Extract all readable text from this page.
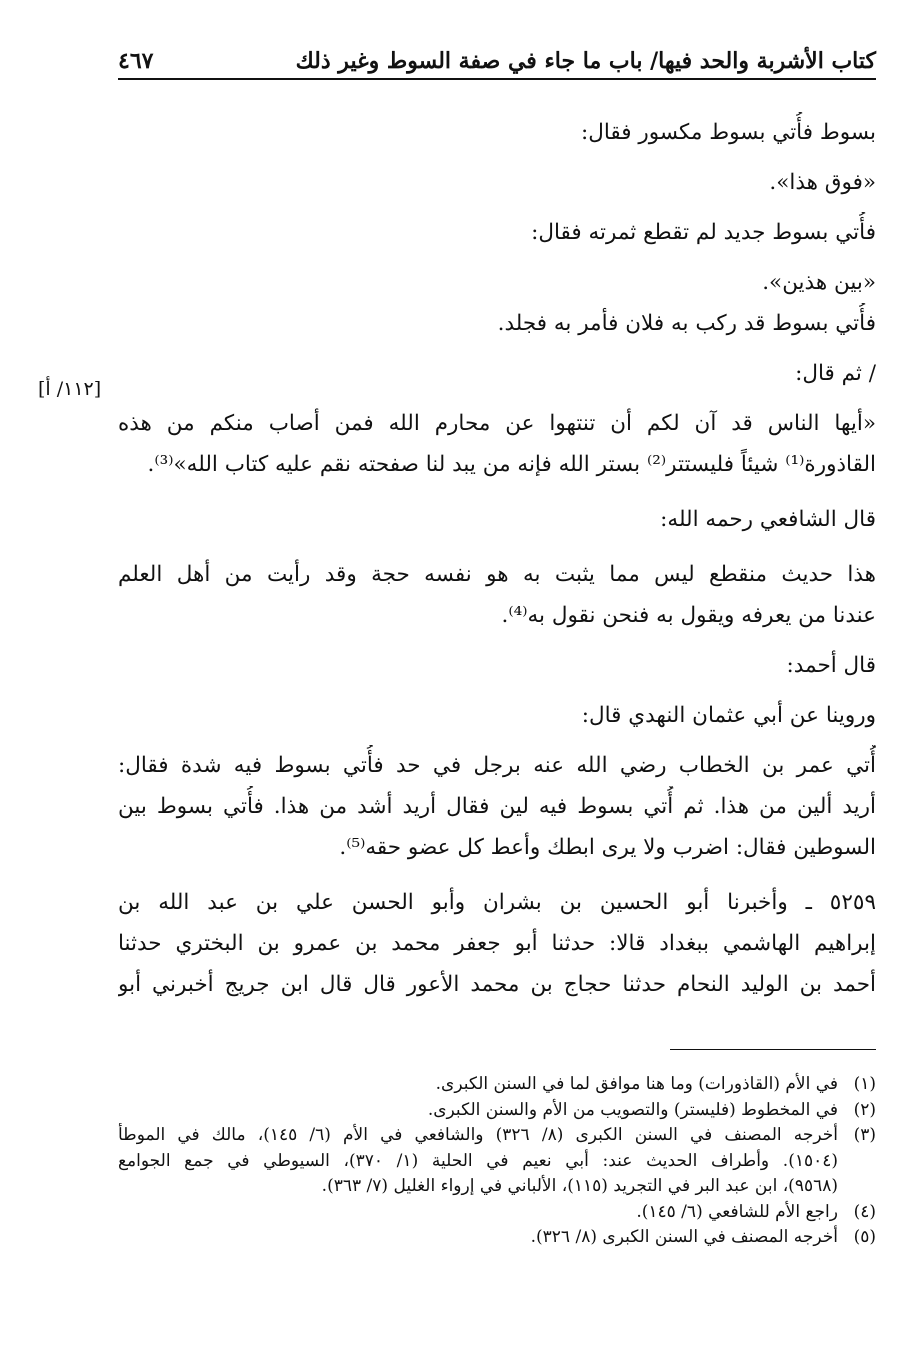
كتاب الأشربة والحد فيها/ باب ما جاء في صفة السوط وغير ذلك
٤٦٧
[١١٢/ أ]
بسوط فأُتي بسوط مكسور فقال:
«فوق هذا».
فأُتي بسوط جديد لم تقطع ثمرته فقال:
«بين هذين».
فأُتي بسوط قد ركب به فلان فأمر به فجلد.
/ ثم قال:
«أيها الناس قد آن لكم أن تنتهوا عن محارم الله فمن أصاب منكم من هذه
القاذورة⁽¹⁾ شيئاً فليستتر⁽²⁾ بستر الله فإنه من يبد لنا صفحته نقم عليه كتاب الله»⁽³⁾.
قال الشافعي رحمه الله:
هذا حديث منقطع ليس مما يثبت به هو نفسه حجة وقد رأيت من أهل العلم
عندنا من يعرفه ويقول به فنحن نقول به⁽⁴⁾.
قال أحمد:
وروينا عن أبي عثمان النهدي قال:
أُتي عمر بن الخطاب رضي الله عنه برجل في حد فأُتي بسوط فيه شدة فقال:
أريد ألين من هذا. ثم أُتي بسوط فيه لين فقال أريد أشد من هذا. فأُتي بسوط بين
السوطين فقال: اضرب ولا يرى ابطك وأعط كل عضو حقه⁽⁵⁾.
٥٢٥٩ ـ وأخبرنا أبو الحسين بن بشران وأبو الحسن علي بن عبد الله بن
إبراهيم الهاشمي ببغداد قالا: حدثنا أبو جعفر محمد بن عمرو بن البختري حدثنا
أحمد بن الوليد النحام حدثنا حجاج بن محمد الأعور قال قال ابن جريج أخبرني أبو
(١)
في الأم (القاذورات) وما هنا موافق لما في السنن الكبرى.
(٢)
في المخطوط (فليستر) والتصويب من الأم والسنن الكبرى.
(٣)
أخرجه المصنف في السنن الكبرى (٨/ ٣٢٦) والشافعي في الأم (٦/ ١٤٥)، مالك في الموطأ
(١٥٠٤). وأطراف الحديث عند: أبي نعيم في الحلية (١/ ٣٧٠)، السيوطي في جمع الجوامع
(٩٥٦٨)، ابن عبد البر في التجريد (١١٥)، الألباني في إرواء الغليل (٧/ ٣٦٣).
(٤)
راجع الأم للشافعي (٦/ ١٤٥).
(٥)
أخرجه المصنف في السنن الكبرى (٨/ ٣٢٦).
